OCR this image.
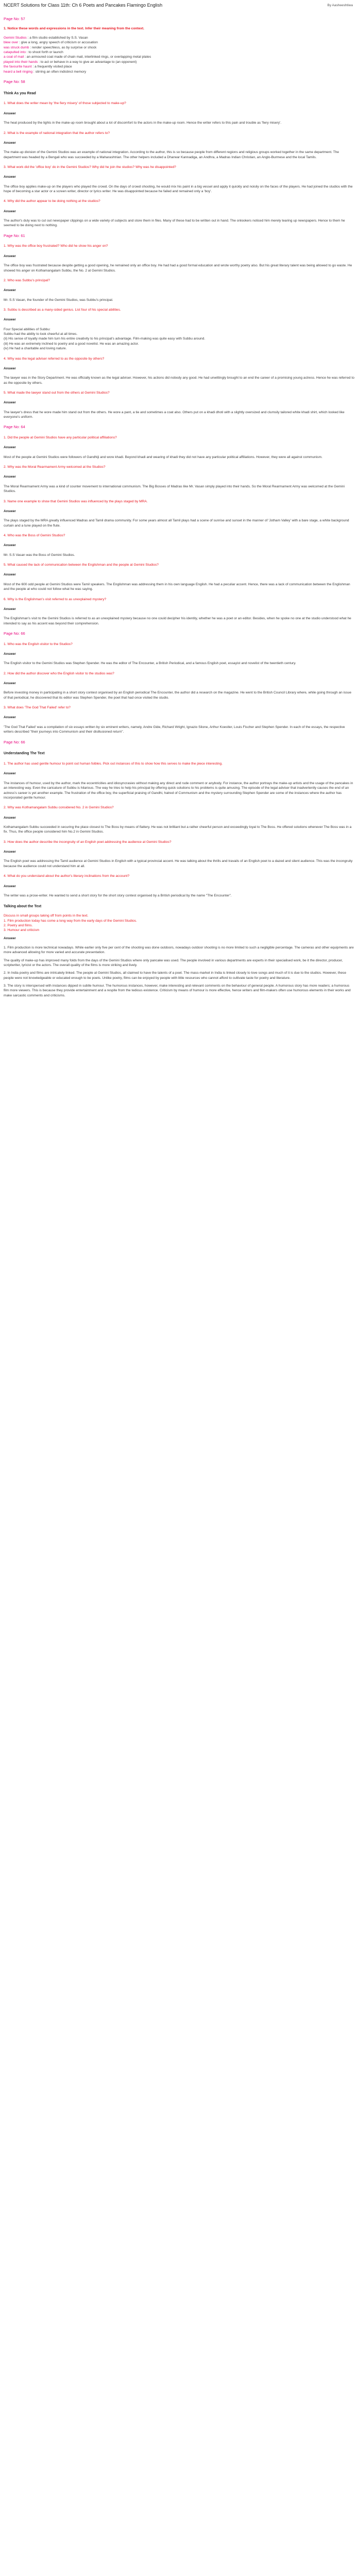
NCERT Solutions for Class 11th: Ch 6 Poets and Pancakes Flamingo English	By Aasheeshtiwa
Page No: 57
1. Notice these words and expressions in the text. Infer their meaning from the context.
Gemini Studios : a film studio established by S.S. Vasan
blew over : give a long, angry speech of criticism or accusation
was struck dumb : render speechless, as by surprise or shock
catapulted into : to shoot forth or launch
a coat of mail : an armoured coat made of chain mail, interlinked rings, or overlapping metal plates
played into their hands : to act or behave in a way to give an advantage to (an opponent)
the favourite haunt : a frequently visited place
heard a bell ringing : stirring an often indistinct memory
Page No: 58
Think As you Read
1. What does the writer mean by 'the fiery misery' of those subjected to make-up?
Answer
The heat produced by the lights in the make-up room brought about a lot of discomfort to the actors in the make-up room. Hence the writer refers to this pain and trouble as 'fiery misery'.
2. What is the example of national integration that the author refers to?
Answer
The make-up division of the Gemini Studios was an example of national integration. According to the author, this is so because people from different regions and religious groups worked together in the same department. The department was headed by a Bengali who was succeeded by a Maharashtrian. The other helpers included a Dharwar Kannadiga, an Andhra, a Madras Indian Christian, an Anglo-Burmese and the local Tamils.
3. What work did the 'office boy' do in the Gemini Studios? Why did he join the studios? Why was he disappointed?
Answer
The office boy applies make-up on the players who played the crowd. On the days of crowd shooting, he would mix his paint in a big vessel and apply it quickly and noisily on the faces of the players. He had joined the studios with the hope of becoming a star actor or a screen writer, director or lyrics writer. He was disappointed because he failed and remained only a 'boy'.
4. Why did the author appear to be doing nothing at the studios?
Answer
The author's duty was to cut out newspaper clippings on a wide variety of subjects and store them in files. Many of these had to be written out in hand. The onlookers noticed him merely tearing up newspapers. Hence to them he seemed to be doing next to nothing.
Page No: 61
1. Why was the office boy frustrated? Who did he show his anger on?
Answer
The office boy was frustrated because despite getting a good opening, he remained only an office boy. He had had a good formal education and wrote worthy poetry also. But his great literary talent was being allowed to go waste. He showed his anger on Kothamangalam Subbu, the No. 2 at Gemini Studios.
2. Who was Subbu's principal?
Answer
Mr. S.S Vasan, the founder of the Gemini Studios, was Subbu's principal.
3. Subbu is described as a many-sided genius. List four of his special abilities.
Answer
Four Special abilities of Subbu:
Subbu had the ability to look cheerful at all times.
(ii) His sense of loyalty made him turn his entire creativity to his principal's advantage. Film-making was quite easy with Subbu around.
(iii) He was an extremely inclined to poetry and a good novelist. He was an amazing actor.
(iv) He had a charitable and loving nature.
4. Why was the legal adviser referred to as the opposite by others?
Answer
The lawyer was in the Story Department. He was officially known as the legal adviser. However, his actions did nobody any good. He had unwittingly brought to an end the career of a promising young actress. Hence he was referred to as the opposite by others.
5. What made the lawyer stand out from the others at Gemini Studios?
Answer
The lawyer's dress that he wore made him stand out from the others. He wore a pant, a tie and sometimes a coat also. Others put on a khadi dhoti with a slightly oversized and clumsily tailored white khadi shirt, which looked like everyone's uniform.
Page No: 64
1. Did the people at Gemini Studios have any particular political affiliations?
Answer
Most of the people at Gemini Studios were followers of Gandhiji and wore khadi. Beyond khadi and wearing of khadi they did not have any particular political affiliations. However, they were all against communism.
2. Why was the Moral Rearmament Army welcomed at the Studios?
Answer
The Moral Rearmament Army was a kind of counter movement to international communism. The Big Bosses of Madras like Mr. Vasan simply played into their hands. So the Moral Rearmament Army was welcomed at the Gemini Studios.
3. Name one example to show that Gemini Studios was influenced by the plays staged by MRA.
Answer
The plays staged by the MRA greatly influenced Madras and Tamil drama community. For some years almost all Tamil plays had a scene of sunrise and sunset in the manner of 'Jotham Valley' with a bare stage, a white background curtain and a tune played on the flute.
4. Who was the Boss of Gemini Studios?
Answer
Mr. S.S Vasan was the Boss of Gemini Studios.
5. What caused the lack of communication between the Englishman and the people at Gemini Studios?
Answer
Most of the 600 odd people at Gemini Studios were Tamil speakers. The Englishman was addressing them in his own language English. He had a peculiar accent. Hence, there was a lack of communication between the Englishman and the people at who could not follow what he was saying.
6. Why is the Englishman's visit referred to as unexplained mystery?
Answer
The Englishman's visit to the Gemini Studios is referred to as an unexplained mystery because no one could decipher his identity, whether he was a poet or an editor. Besides, when he spoke no one at the studio understood what he intended to say as his accent was beyond their comprehension.
Page No: 66
1. Who was the English visitor to the Studios?
Answer
The English visitor to the Gemini Studios was Stephen Spender. He was the editor of The Encounter, a British Periodical, and a famous English poet, essayist and novelist of the twentieth century.
2. How did the author discover who the English visitor to the studios was?
Answer
Before investing money in participating in a short story contest organised by an English periodical The Encounter, the author did a research on the magazine. He went to the British Council Library where, while going through an issue of that periodical, he discovered that its editor was Stephen Spender, the poet that had once visited the studio.
3. What does 'The God That Failed' refer to?
Answer
'The God That Failed' was a compilation of six essays written by six eminent writers, namely, Andre Gide, Richard Wright, Ignazio Silone, Arthur Koestler, Louis Fischer and Stephen Spender. In each of the essays, the respective writers described "their journeys into Communism and their disillusioned return".
Page No: 66
Understanding The Text
1. The author has used gentle humour to point out human foibles. Pick out instances of this to show how this serves to make the piece interesting.
Answer
The instances of humour, used by the author, mark the eccentricities and idiosyncrasies without making any direct and rude comment or anybody. For instance, the author portrays the make-up artists and the usage of the pancakes in an interesting way. Even the caricature of Subbu is hilarious. The way he tries to help his principal by offering quick solutions to his problems is quite amusing. The episode of the legal adviser that inadvertently causes the end of an actress's career is yet another example. The frustration of the office boy, the superficial praising of Gandhi, hatred of Communism and the mystery surrounding Stephen Spender are some of the instances where the author has incorporated gentle humour.
2. Why was Kothamangalam Subbu considered No. 2 in Gemini Studios?
Answer
Kothamangalam Subbu succeeded in securing the place closest to The Boss by means of flattery. He was not brilliant but a rather cheerful person and exceedingly loyal to The Boss. He offered solutions whenever The Boss was in a fix. Thus, the office people considered him No.2 in Gemini Studios.
3. How does the author describe the incongruity of an English poet addressing the audience at Gemini Studios?
Answer
The English poet was addressing the Tamil audience at Gemini Studios in English with a typical provincial accent. He was talking about the thrills and travails of an English poet to a dazed and silent audience. This was the incongruity because the audience could not understand him at all.
4. What do you understand about the author's literary inclinations from the account?
Answer
The writer was a prose-writer. He wanted to send a short story for the short story contest organised by a British periodical by the name "The Encounter".
Talking about the Text
Discuss in small groups taking off from points in the text.
1. Film production today has come a long way from the early days of the Gemini Studios.
2. Poetry and films.
3. Humour and criticism
Answer
1. Film production is more technical nowadays. While earlier only five per cent of the shooting was done outdoors, nowadays outdoor shooting is no more limited to such a negligible percentage. The cameras and other equipments are more advanced allowing for more varied and accurate presentation.
The quality of make-up has improved many folds from the days of the Gemini Studios where only pancake was used. The people involved in various departments are experts in their specialised work, be it the director, producer, scriptwriter, lyricist or the actors. The overall quality of the films is more striking and lively.
2. In India poetry and films are intricately linked. The people at Gemini Studios, all claimed to have the talents of a poet. The mass-market in India is linked closely to love songs and much of it is due to the studios. However, these people were not knowledgeable or educated enough to be poets. Unlike poetry, films can be enjoyed by people with little resources who cannot afford to cultivate taste for poetry and literature.
3. The story is interspersed with instances dipped in subtle humour. The humorous instances, however, make interesting and relevant comments on the behaviour of general people. A humorous story has more readers; a humorous film more viewers. This is because they provide entertainment and a respite from the tedious existence. Criticism by means of humour is more effective, hence writers and film-makers often use humorous elements in their works and make sarcastic comments and criticisms.
